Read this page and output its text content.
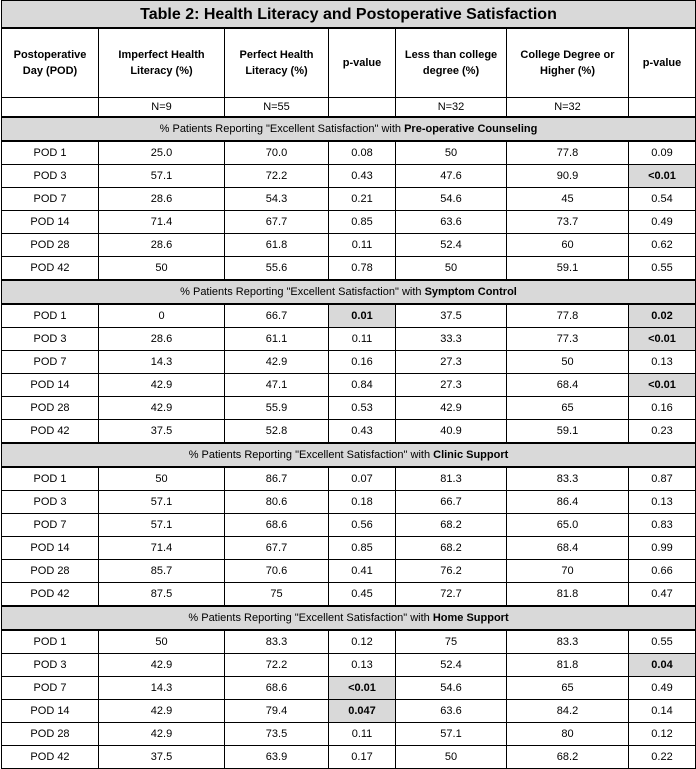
Table 2: Health Literacy and Postoperative Satisfaction						
Postoperative Day (POD)	Imperfect Health Literacy (%)	Perfect Health Literacy (%)	p-value	Less than college degree (%)	College Degree or Higher (%)	p-value
	N=9	N=55		N=32	N=32	
% Patients Reporting "Excellent Satisfaction" with Pre-operative Counseling						
POD 1	25.0	70.0	0.08	50	77.8	0.09
POD 3	57.1	72.2	0.43	47.6	90.9	<0.01
POD 7	28.6	54.3	0.21	54.6	45	0.54
POD 14	71.4	67.7	0.85	63.6	73.7	0.49
POD 28	28.6	61.8	0.11	52.4	60	0.62
POD 42	50	55.6	0.78	50	59.1	0.55
% Patients Reporting "Excellent Satisfaction" with Symptom Control						
POD 1	0	66.7	0.01	37.5	77.8	0.02
POD 3	28.6	61.1	0.11	33.3	77.3	<0.01
POD 7	14.3	42.9	0.16	27.3	50	0.13
POD 14	42.9	47.1	0.84	27.3	68.4	<0.01
POD 28	42.9	55.9	0.53	42.9	65	0.16
POD 42	37.5	52.8	0.43	40.9	59.1	0.23
% Patients Reporting "Excellent Satisfaction" with Clinic Support						
POD 1	50	86.7	0.07	81.3	83.3	0.87
POD 3	57.1	80.6	0.18	66.7	86.4	0.13
POD 7	57.1	68.6	0.56	68.2	65.0	0.83
POD 14	71.4	67.7	0.85	68.2	68.4	0.99
POD 28	85.7	70.6	0.41	76.2	70	0.66
POD 42	87.5	75	0.45	72.7	81.8	0.47
% Patients Reporting "Excellent Satisfaction" with Home Support						
POD 1	50	83.3	0.12	75	83.3	0.55
POD 3	42.9	72.2	0.13	52.4	81.8	0.04
POD 7	14.3	68.6	<0.01	54.6	65	0.49
POD 14	42.9	79.4	0.047	63.6	84.2	0.14
POD 28	42.9	73.5	0.11	57.1	80	0.12
POD 42	37.5	63.9	0.17	50	68.2	0.22
